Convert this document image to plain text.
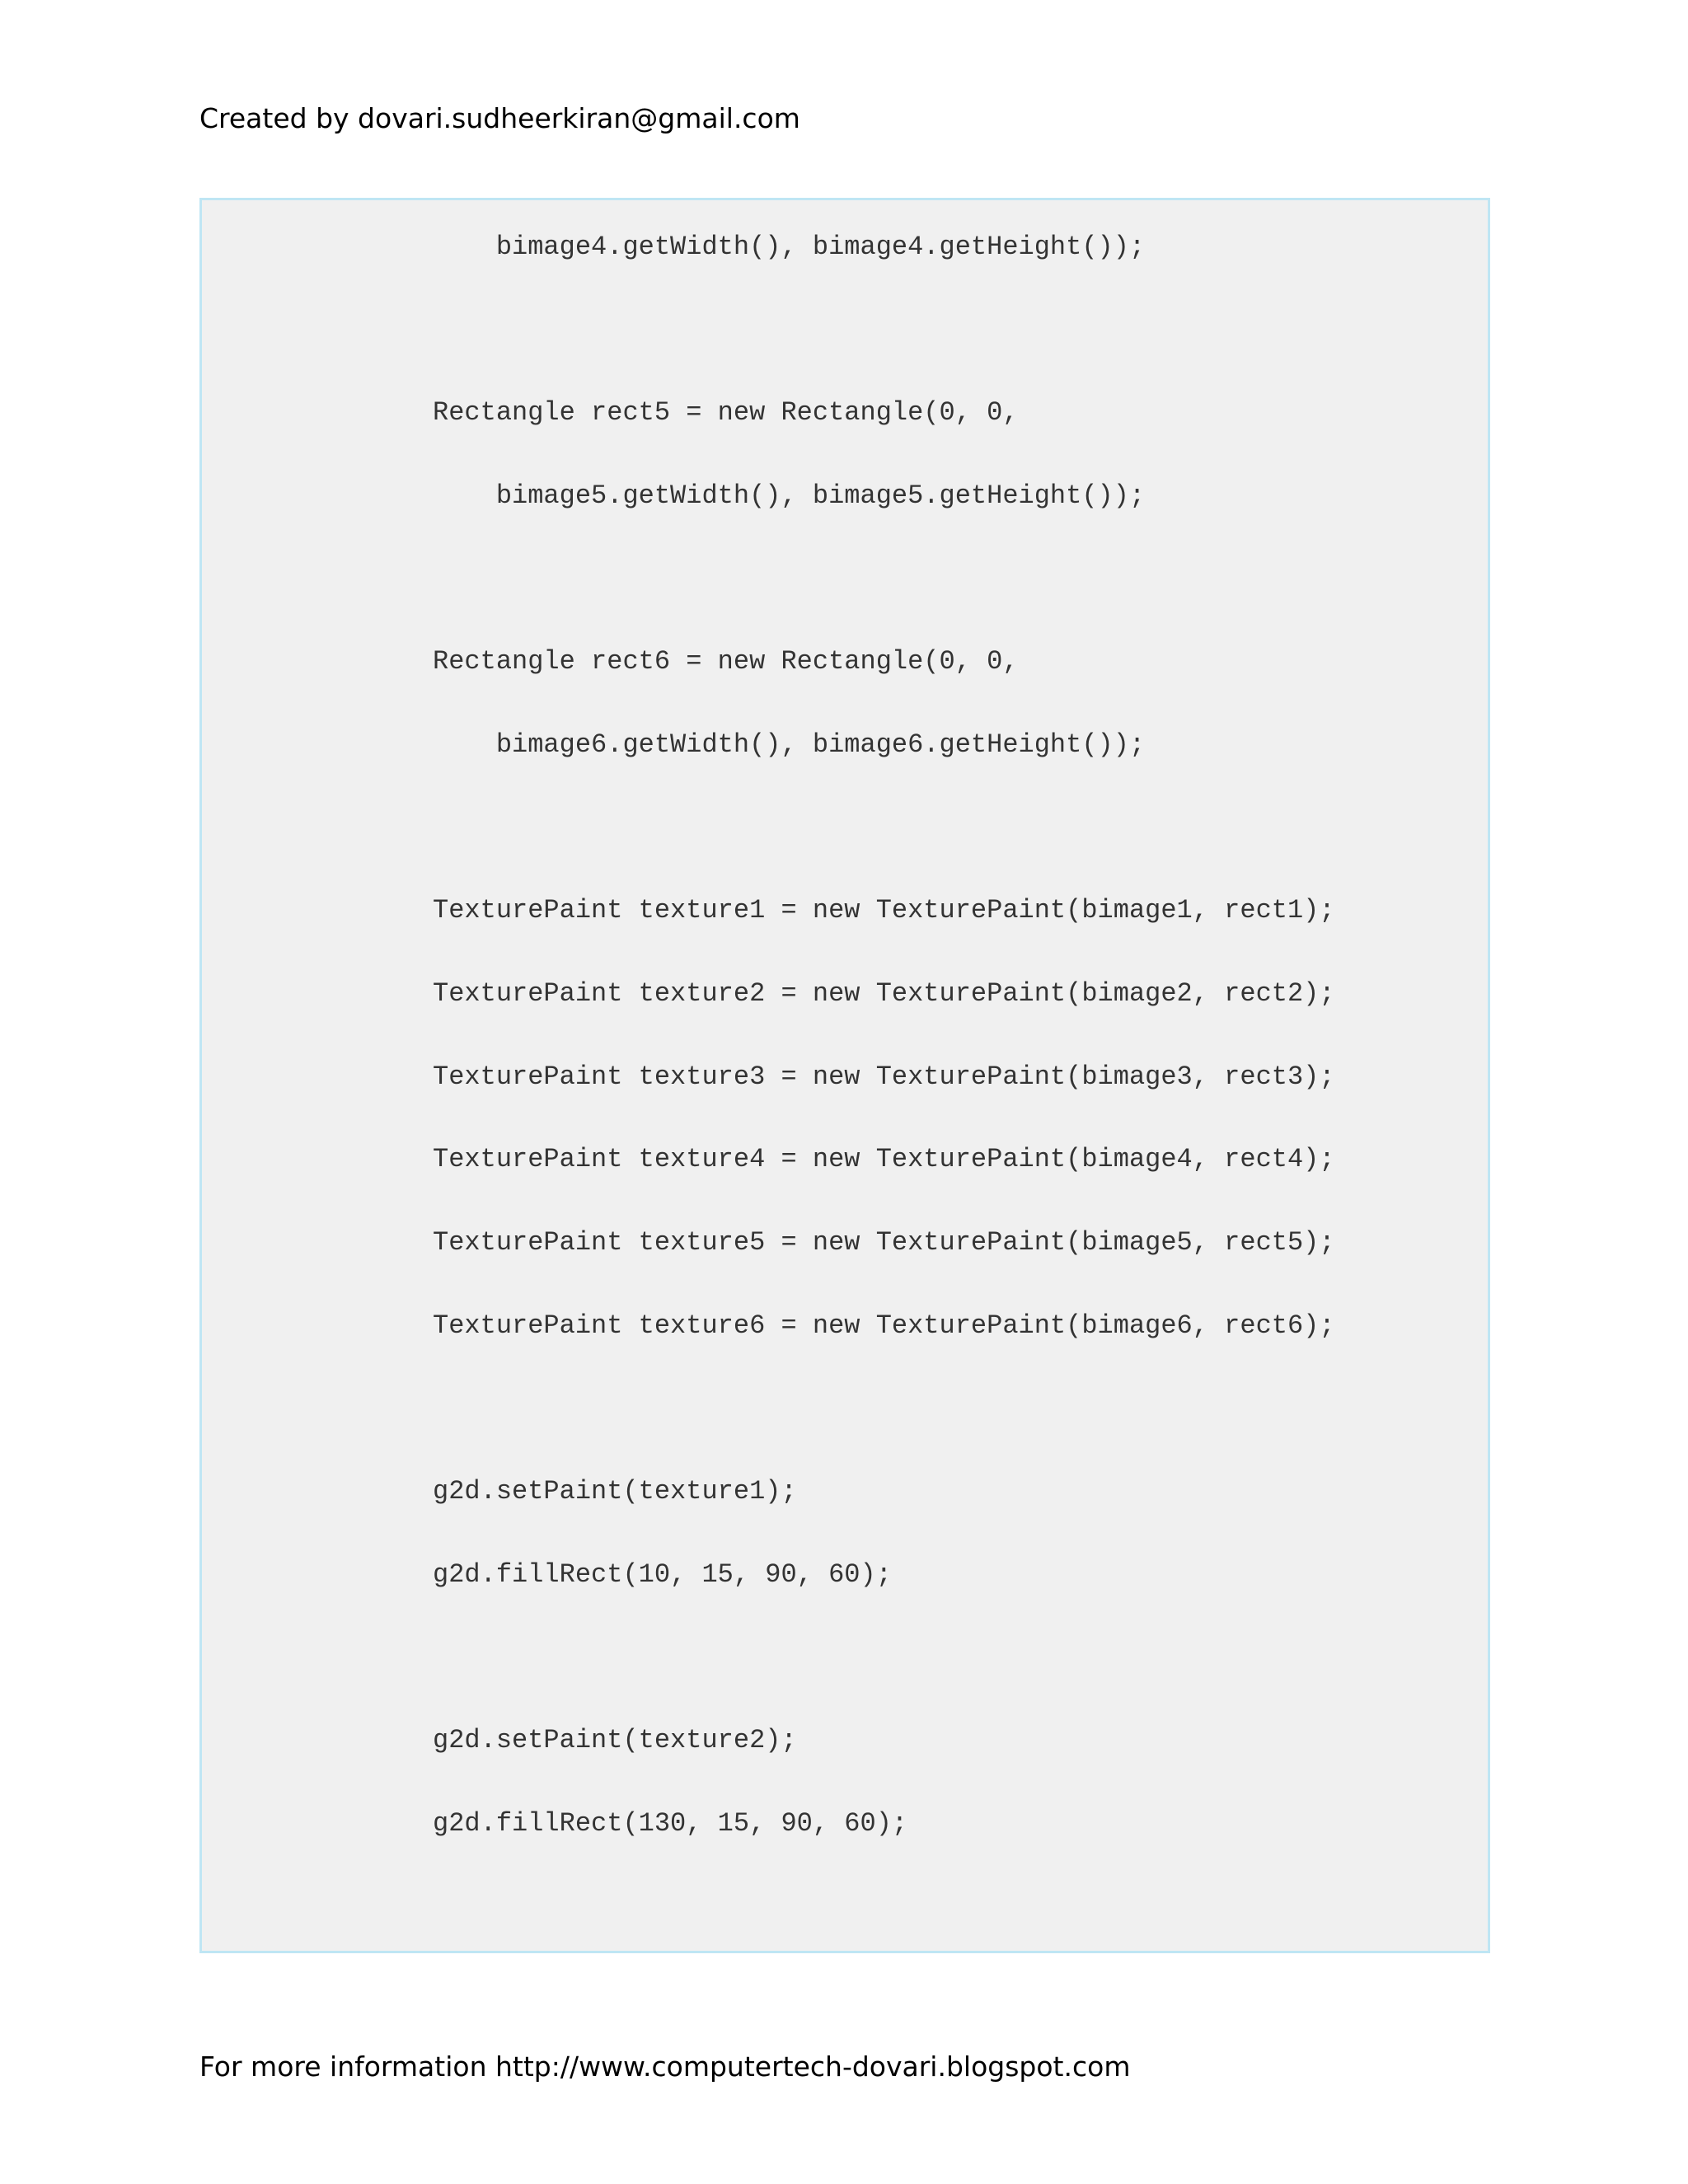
Created by dovari.sudheerkiran@gmail.com
bimage4.getWidth(), bimage4.getHeight());
Rectangle rect5 = new Rectangle(0, 0,
bimage5.getWidth(), bimage5.getHeight());
Rectangle rect6 = new Rectangle(0, 0,
bimage6.getWidth(), bimage6.getHeight());
TexturePaint texture1 = new TexturePaint(bimage1, rect1);
TexturePaint texture2 = new TexturePaint(bimage2, rect2);
TexturePaint texture3 = new TexturePaint(bimage3, rect3);
TexturePaint texture4 = new TexturePaint(bimage4, rect4);
TexturePaint texture5 = new TexturePaint(bimage5, rect5);
TexturePaint texture6 = new TexturePaint(bimage6, rect6);
g2d.setPaint(texture1);
g2d.fillRect(10, 15, 90, 60);
g2d.setPaint(texture2);
g2d.fillRect(130, 15, 90, 60);
For more information http://www.computertech-dovari.blogspot.com
